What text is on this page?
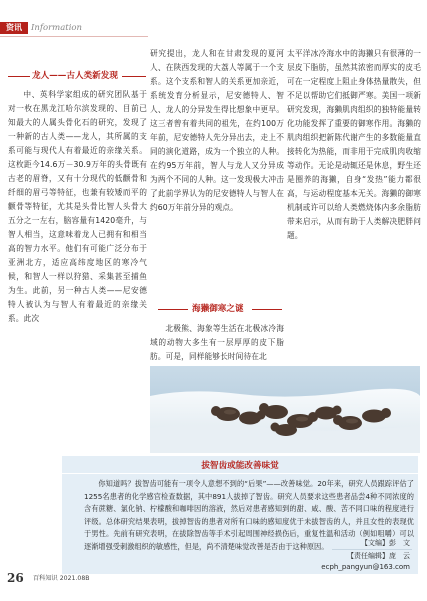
资讯	Information
龙人——古人类新发现

中、英科学家组成的研究团队基于对一枚在黑龙江哈尔滨发现的、目前已知最大的人属头骨化石的研究，发现了一种新的古人类——龙人，其所属的支系可能与现代人有着最近的亲缘关系。这枚距今14.6万－30.9万年的头骨既有古老的眉脊，又有十分现代的低颧骨和纤细的眉弓等特征，也兼有较矮而平的颧骨等特征，尤其是头骨比智人头骨大五分之一左右，脑容量有1420毫升，与智人相当，这意味着龙人已拥有和相当高的智力水平。他们有可能广泛分布于亚洲北方，适应高纬度地区的寒冷气候，和智人一样以狩猎、采集甚至捕鱼为生。此前，另一种古人类——尼安德特人被认为与智人有着最近的亲缘关系。此次

研究提出，龙人和在甘肃发现的夏河人、在陕西发现的大荔人等属于一个支系。这个支系和智人的关系更加亲近，系统发育分析显示，尼安德特人、智人、龙人的分异发生得比想象中更早。这三者曾有着共同的祖先，在约100万年前，尼安德特人先分异出去，走上不同的演化道路，成为一个独立的人种。在约95万年前，智人与龙人又分异成为两个不同的人种。这一发现极大冲击了此前学界认为的尼安德特人与智人在约60万年前分异的观点。

海獭御寒之谜

北极熊、海象等生活在北极冰冷海域的动物大多生有一层厚厚的皮下脂肪。可是，同样能够长时间待在北

太平洋冰冷海水中的海獭只有很薄的一层皮下脂肪，虽然其浓密而厚实的皮毛可在一定程度上阻止身体热量散失，但不足以帮助它们抵御严寒。美国一项新研究发现，海獭肌肉组织的独特能量转化功能发挥了重要的御寒作用。海獭的肌肉组织把新陈代谢产生的多数能量直接转化为热能，而非用于完成肌肉收缩等动作。无论是动辄还是休息，野生还是圈养的海獭，自身“发热”能力都很高，与运动程度基本无关。海獭的御寒机制或许可以给人类燃烧体内多余脂肪带来启示，从而有助于人类解决肥胖问题。

拔智齿或能改善味觉

你知道吗？拔智齿可能有一项令人意想不到的“后果”——改善味觉。20年来，研究人员跟踪评估了1255名患者的化学感官检查数据，其中891人拔掉了智齿。研究人员要求这些患者品尝4种不同浓度的含有蔗糖、氯化钠、柠檬酸和咖啡因的溶液，然后对患者感知到的甜、咸、酸、苦不同口味的程度进行评级。总体研究结果表明，拔掉智齿的患者对所有口味的感知度优于未拔智齿的人，并且女性的表现优于男性。先前有研究表明，在拔除智齿等手术引起周围神经损伤后，重复性温和活动（例如咀嚼）可以逐渐增强受刺激组织的敏感性，但是，尚不清楚味觉改善是否由于这种原因。	【文编】彭　文
【责任编辑】庞　云
ecph_pangyun@163.com
26 百科知识 2021.08B
